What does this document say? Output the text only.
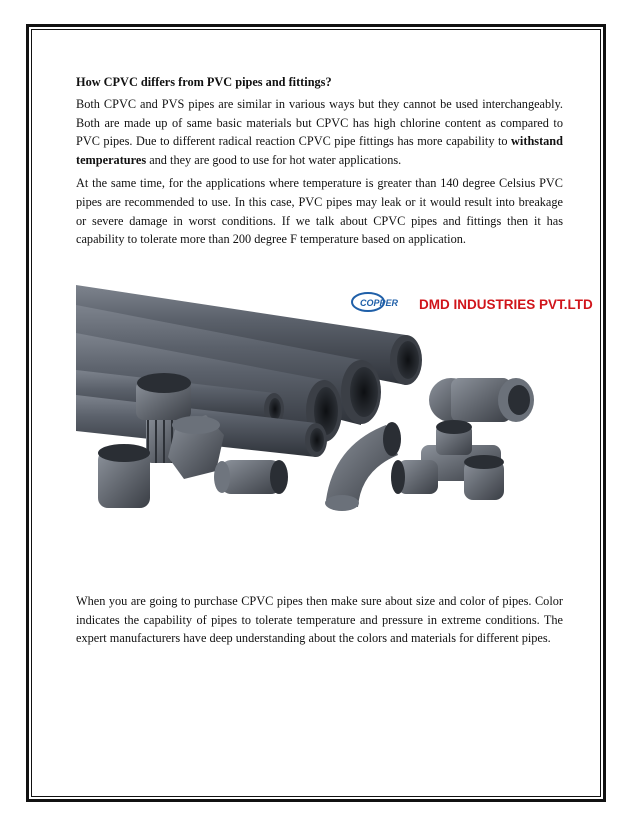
How CPVC differs from PVC pipes and fittings?

Both CPVC and PVS pipes are similar in various ways but they cannot be used interchangeably. Both are made up of same basic materials but CPVC has high chlorine content as compared to PVC pipes. Due to different radical reaction CPVC pipe fittings has more capability to withstand temperatures and they are good to use for hot water applications.

At the same time, for the applications where temperature is greater than 140 degree Celsius PVC pipes are recommended to use. In this case, PVC pipes may leak or it would result into breakage or severe damage in worst conditions. If we talk about CPVC pipes and fittings then it has capability to tolerate more than 200 degree F temperature based on application.

COPPER DMD INDUSTRIES PVT.LTD

When you are going to purchase CPVC pipes then make sure about size and color of pipes. Color indicates the capability of pipes to tolerate temperature and pressure in extreme conditions. The expert manufacturers have deep understanding about the colors and materials for different pipes.
